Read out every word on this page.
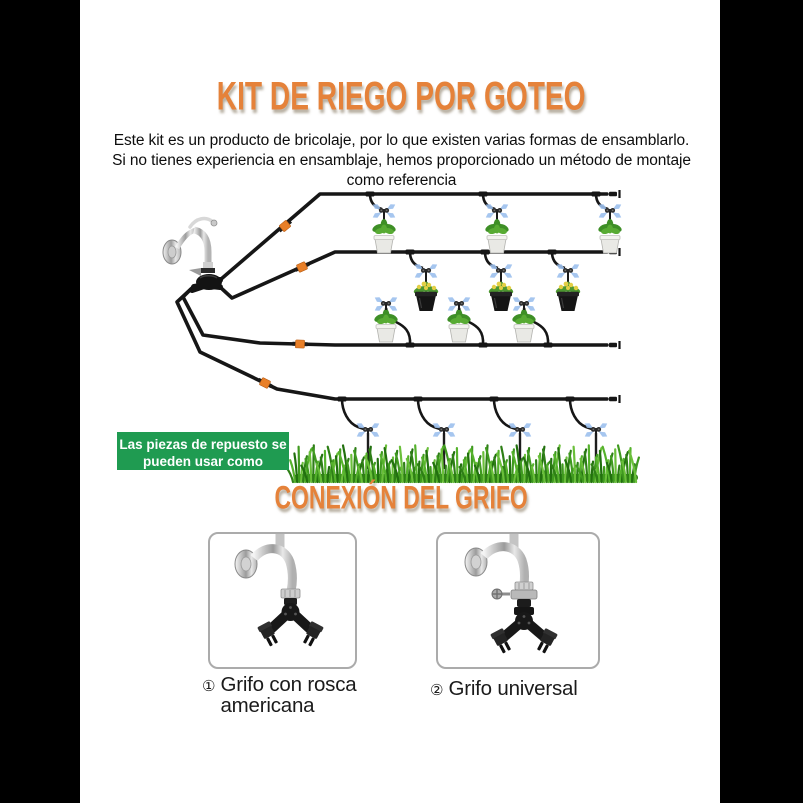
KIT DE RIEGO POR GOTEO
Este kit es un producto de bricolaje, por lo que existen varias formas de ensamblarlo.
Si no tienes experiencia en ensamblaje, hemos proporcionado un método de montaje
como referencia
Las piezas de repuesto se
pueden usar como sustitutos
CONEXIÓN DEL GRIFO
① Grifo con rosca americana
② Grifo universal
